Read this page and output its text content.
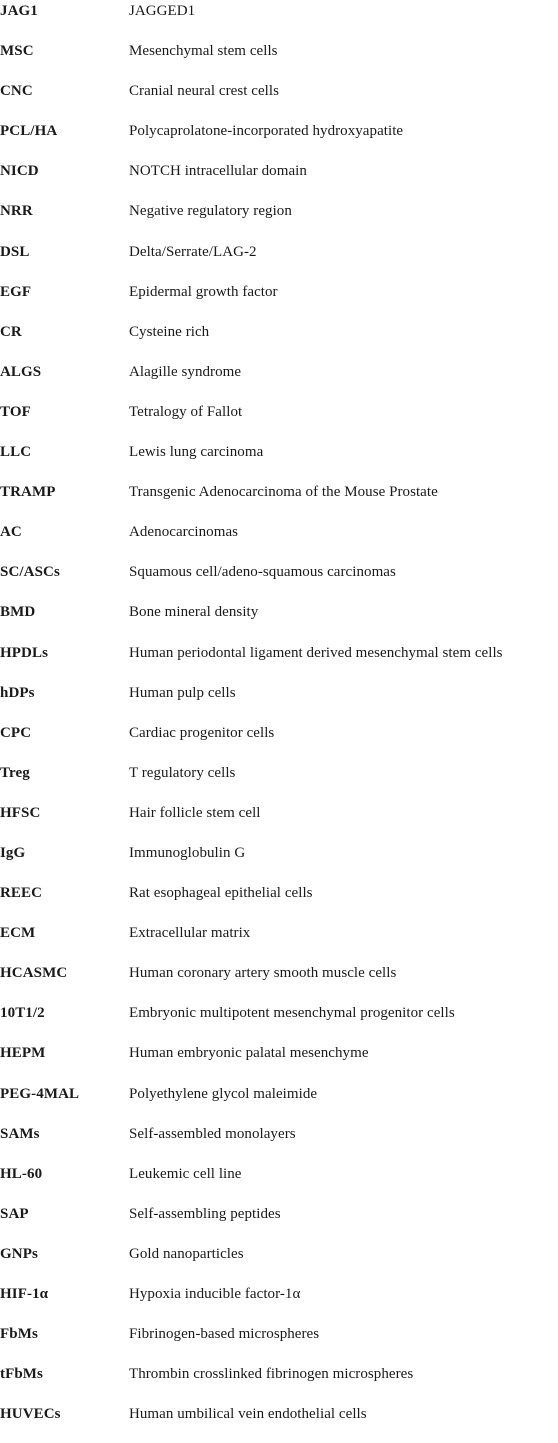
JAG1	JAGGED1
MSC	Mesenchymal stem cells
CNC	Cranial neural crest cells
PCL/HA	Polycaprolatone-incorporated hydroxyapatite
NICD	NOTCH intracellular domain
NRR	Negative regulatory region
DSL	Delta/Serrate/LAG-2
EGF	Epidermal growth factor
CR	Cysteine rich
ALGS	Alagille syndrome
TOF	Tetralogy of Fallot
LLC	Lewis lung carcinoma
TRAMP	Transgenic Adenocarcinoma of the Mouse Prostate
AC	Adenocarcinomas
SC/ASCs	Squamous cell/adeno-squamous carcinomas
BMD	Bone mineral density
HPDLs	Human periodontal ligament derived mesenchymal stem cells
hDPs	Human pulp cells
CPC	Cardiac progenitor cells
Treg	T regulatory cells
HFSC	Hair follicle stem cell
IgG	Immunoglobulin G
REEC	Rat esophageal epithelial cells
ECM	Extracellular matrix
HCASMC	Human coronary artery smooth muscle cells
10T1/2	Embryonic multipotent mesenchymal progenitor cells
HEPM	Human embryonic palatal mesenchyme
PEG-4MAL	Polyethylene glycol maleimide
SAMs	Self-assembled monolayers
HL-60	Leukemic cell line
SAP	Self-assembling peptides
GNPs	Gold nanoparticles
HIF-1α	Hypoxia inducible factor-1α
FbMs	Fibrinogen-based microspheres
tFbMs	Thrombin crosslinked fibrinogen microspheres
HUVECs	Human umbilical vein endothelial cells
